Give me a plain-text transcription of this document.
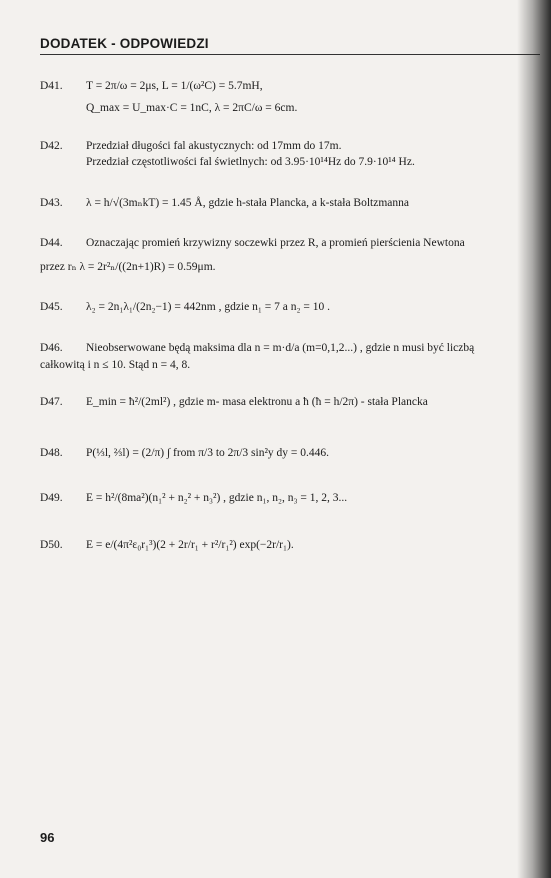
DODATEK - ODPOWIEDZI
D41. T = 2π/ω = 2μs, L = 1/(ω²C) = 5.7mH,
Q_max = U_max·C = 1nC, λ = 2πC/ω = 6cm.
D42. Przedział długości fal akustycznych: od 17mm do 17m.
Przedział częstotliwości fal świetlnych: od 3.95·10¹⁴Hz do 7.9·10¹⁴ Hz.
D43. λ = h/√(3mₙkT) = 1.45 Å, gdzie h-stała Plancka, a k-stała Boltzmanna
D44. Oznaczając promień krzywizny soczewki przez R, a promień pierścienia Newtona
przez rₙ λ = 2r²ₙ/((2n+1)R) = 0.59μm.
D45. λ₂ = 2n₁λ₁/(2n₂−1) = 442nm , gdzie n₁ = 7 a n₂ = 10 .
D46. Nieobserwowane będą maksima dla n = m·d/a (m=0,1,2...) , gdzie n musi być liczbą
całkowitą i n ≤ 10. Stąd n = 4, 8.
D47. E_min = ħ²/(2ml²) , gdzie m- masa elektronu a ħ (ħ = h/2π) - stała Plancka
D48. P(⅓l, ⅔l) = (2/π) ∫ from π/3 to 2π/3 sin²y dy = 0.446.
D49. E = h²/(8ma²)(n₁² + n₂² + n₃²) , gdzie n₁, n₂, n₃ = 1, 2, 3...
D50. E = e/(4π²ε₀r₁³)(2 + 2r/r₁ + r²/r₁²) exp(−2r/r₁).
96
